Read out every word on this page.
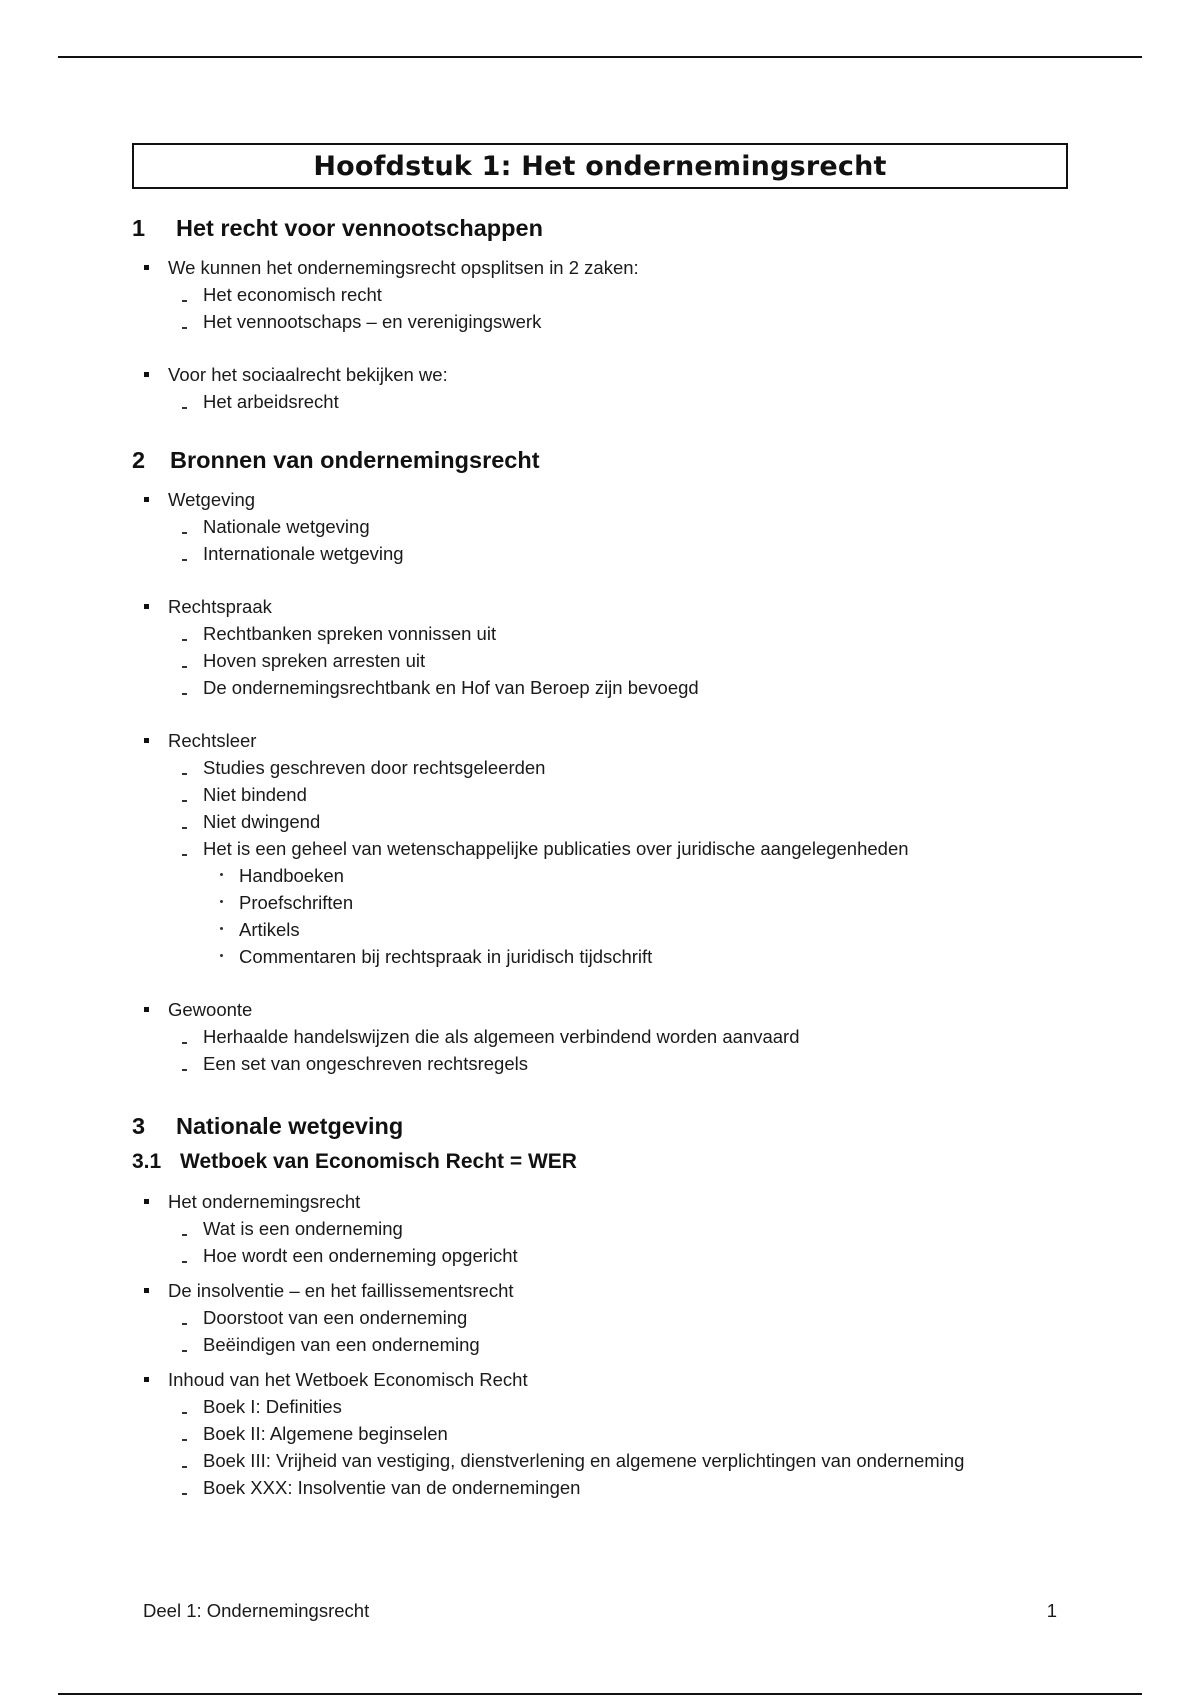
Hoofdstuk 1: Het ondernemingsrecht
1	Het recht voor vennootschappen
We kunnen het ondernemingsrecht opsplitsen in 2 zaken:
Het economisch recht
Het vennootschaps – en verenigingswerk
Voor het sociaalrecht bekijken we:
Het arbeidsrecht
2	Bronnen van ondernemingsrecht
Wetgeving
Nationale wetgeving
Internationale wetgeving
Rechtspraak
Rechtbanken spreken vonnissen uit
Hoven spreken arresten uit
De ondernemingsrechtbank en Hof van Beroep zijn bevoegd
Rechtsleer
Studies geschreven door rechtsgeleerden
Niet bindend
Niet dwingend
Het is een geheel van wetenschappelijke publicaties over juridische aangelegenheden
Handboeken
Proefschriften
Artikels
Commentaren bij rechtspraak in juridisch tijdschrift
Gewoonte
Herhaalde handelswijzen die als algemeen verbindend worden aanvaard
Een set van ongeschreven rechtsregels
3	Nationale wetgeving
3.1 Wetboek van Economisch Recht = WER
Het ondernemingsrecht
Wat is een onderneming
Hoe wordt een onderneming opgericht
De insolventie – en het faillissementsrecht
Doorstoot van een onderneming
Beëindigen van een onderneming
Inhoud van het Wetboek Economisch Recht
Boek I: Definities
Boek II: Algemene beginselen
Boek III: Vrijheid van vestiging, dienstverlening en algemene verplichtingen van onderneming
Boek XXX: Insolventie van de ondernemingen
Deel 1: Ondernemingsrecht	1
